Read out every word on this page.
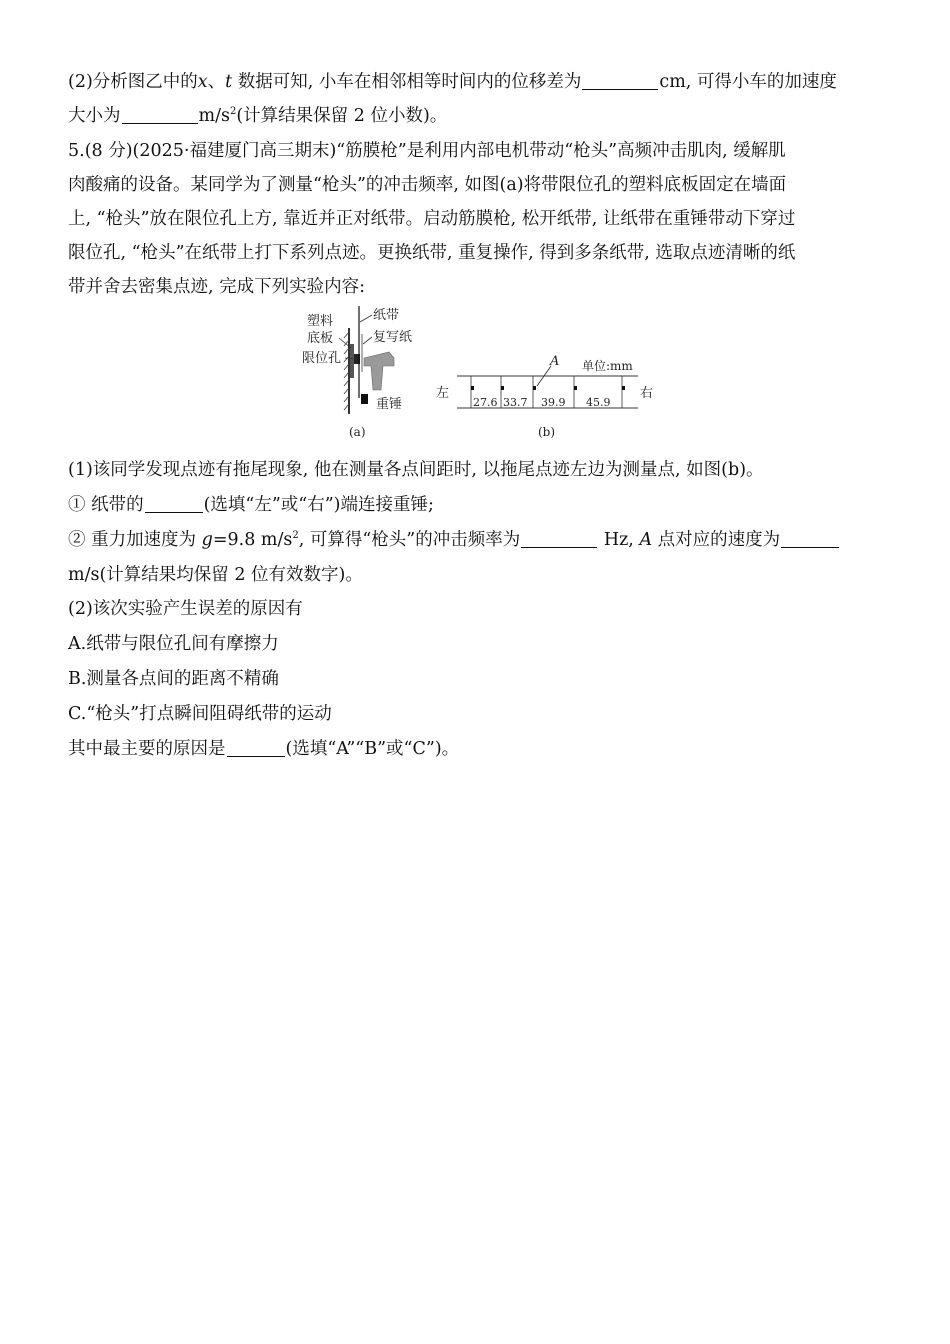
(2)分析图乙中的x、t 数据可知, 小车在相邻相等时间内的位移差为	cm, 可得小车的加速度
大小为	$m/s^2$(计算结果保留 2 位小数)。
5.(8 分)(2025·福建厦门高三期末)“筋膜枪”是利用内部电机带动“枪头”高频冲击肌肉, 缓解肌
肉酸痛的设备。某同学为了测量“枪头”的冲击频率, 如图(a)将带限位孔的塑料底板固定在墙面
上, “枪头”放在限位孔上方, 靠近并正对纸带。启动筋膜枪, 松开纸带, 让纸带在重锤带动下穿过
限位孔, “枪头”在纸带上打下系列点迹。更换纸带, 重复操作, 得到多条纸带, 选取点迹清晰的纸
带并舍去密集点迹, 完成下列实验内容:
塑料
底板
限位孔
纸带
复写纸
重锤
(a)
左	右
A 单位:mm
27.6 33.7 39.9 45.9
(b)
(1)该同学发现点迹有拖尾现象, 他在测量各点间距时, 以拖尾点迹左边为测量点, 如图(b)。
① 纸带的	(选填“左”或“右”)端连接重锤;
② 重力加速度为 g=9.8 $m/s^2$, 可算得“枪头”的冲击频率为	Hz, A 点对应的速度为
m/s(计算结果均保留 2 位有效数字)。
(2)该次实验产生误差的原因有
A.纸带与限位孔间有摩擦力
B.测量各点间的距离不精确
C.“枪头”打点瞬间阻碍纸带的运动
其中最主要的原因是	(选填“A”“B”或“C”)。
